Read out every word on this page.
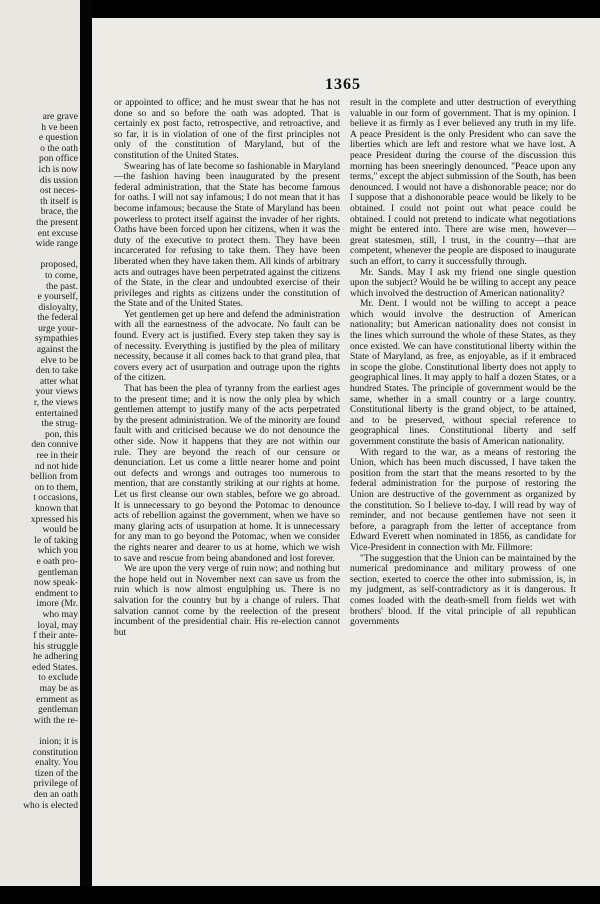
are grave
h ve been
e question
o the oath
pon office
ich is now
dis ussion
ost neces-
th itself is
brace, the
the present
ent excuse
wide range

proposed,
to come,
the past.
e yourself,
disloyalty,
the federal
urge your-
sympathies
against the
elve to be
den to take
atter what
your views
r, the views
entertained
the strug-
pon, this
den connive
ree in their
nd not hide
bellion from
on to them,
t occasions,
known that
xpressed his
would be
le of taking
which you
e oath pro-
gentleman
now speak-
endment to
imore (Mr.
who may
loyal, may
f their ante-
his struggle
he adhering
eded States.
to exclude
may be as
ernment as
gentleman
with the re-

inion; it is
constitution
enalty. You
tizen of the
privilege of
den an oath
who is elected
1365

or appointed to office; and he must swear that he has not done so and so before the oath was adopted. That is certainly ex post facto, retrospective, and retroactive, and so far, it is in violation of one of the first principles not only of the constitution of Maryland, but of the constitution of the United States.

Swearing has of late become so fashionable in Maryland—the fashion having been inaugurated by the present federal administration, that the State has become famous for oaths. I will not say infamous; I do not mean that it has become infamous; because the State of Maryland has been powerless to protect itself against the invader of her rights. Oaths have been forced upon her citizens, when it was the duty of the executive to protect them. They have been incarcerated for refusing to take them. They have been liberated when they have taken them. All kinds of arbitrary acts and outrages have been perpetrated against the citizens of the State, in the clear and undoubted exercise of their privileges and rights as citizens under the constitution of the State and of the United States.

Yet gentlemen get up here and defend the administration with all the earnestness of the advocate. No fault can be found. Every act is justified. Every step taken they say is of necessity. Everything is justified by the plea of military necessity, because it all comes back to that grand plea, that covers every act of usurpation and outrage upon the rights of the citizen.

That has been the plea of tyranny from the earliest ages to the present time; and it is now the only plea by which gentlemen attempt to justify many of the acts perpetrated by the present administration. We of the minority are found fault with and criticised because we do not denounce the other side. Now it happens that they are not within our rule. They are beyond the reach of our censure or denunciation. Let us come a little nearer home and point out defects and wrongs and outrages too numerous to mention, that are constantly striking at our rights at home. Let us first cleanse our own stables, before we go abroad. It is unnecessary to go beyond the Potomac to denounce acts of rebellion against the government, when we have so many glaring acts of usurpation at home. It is unnecessary for any man to go beyond the Potomac, when we consider the rights nearer and dearer to us at home, which we wish to save and rescue from being abandoned and lost forever.

We are upon the very verge of ruin now; and nothing but the hope held out in November next can save us from the ruin which is now almost engulphing us. There is no salvation for the country but by a change of rulers. That salvation cannot come by the reelection of the present incumbent of the presidential chair. His re-election cannot but

result in the complete and utter destruction of everything valuable in our form of government. That is my opinion. I believe it as firmly as I ever believed any truth in my life. A peace President is the only President who can save the liberties which are left and restore what we have lost. A peace President during the course of the discussion this morning has been sneeringly denounced. "Peace upon any terms," except the abject submission of the South, has been denounced. I would not have a dishonorable peace; nor do I suppose that a dishonorable peace would be likely to be obtained. I could not point out what peace could be obtained. I could not pretend to indicate what negotiations might be entered into. There are wise men, however—great statesmen, still, I trust, in the country—that are competent, whenever the people are disposed to inaugurate such an effort, to carry it successfully through.

Mr. Sands. May I ask my friend one single question upon the subject? Would he be willing to accept any peace which involved the destruction of American nationality?

Mr. Dent. I would not be willing to accept a peace which would involve the destruction of American nationality; but American nationality does not consist in the lines which surround the whole of these States, as they once existed. We can have constitutional liberty within the State of Maryland, as free, as enjoyable, as if it embraced in scope the globe. Constitutional liberty does not apply to geographical lines. It may apply to half a dozen States, or a hundred States. The principle of government would be the same, whether in a small country or a large country. Constitutional liberty is the grand object, to be attained, and to be preserved, without special reference to geographical lines. Constitutional liberty and self government constitute the basis of American nationality.

With regard to the war, as a means of restoring the Union, which has been much discussed, I have taken the position from the start that the means resorted to by the federal administration for the purpose of restoring the Union are destructive of the government as organized by the constitution. So I believe to-day. I will read by way of reminder, and not because gentlemen have not seen it before, a paragraph from the letter of acceptance from Edward Everett when nominated in 1856, as candidate for Vice-President in connection with Mr. Fillmore:

"The suggestion that the Union can be maintained by the numerical predominance and military prowess of one section, exerted to coerce the other into submission, is, in my judgment, as self-contradictory as it is dangerous. It comes loaded with the death-smell from fields wet with brothers' blood. If the vital principle of all republican governments
